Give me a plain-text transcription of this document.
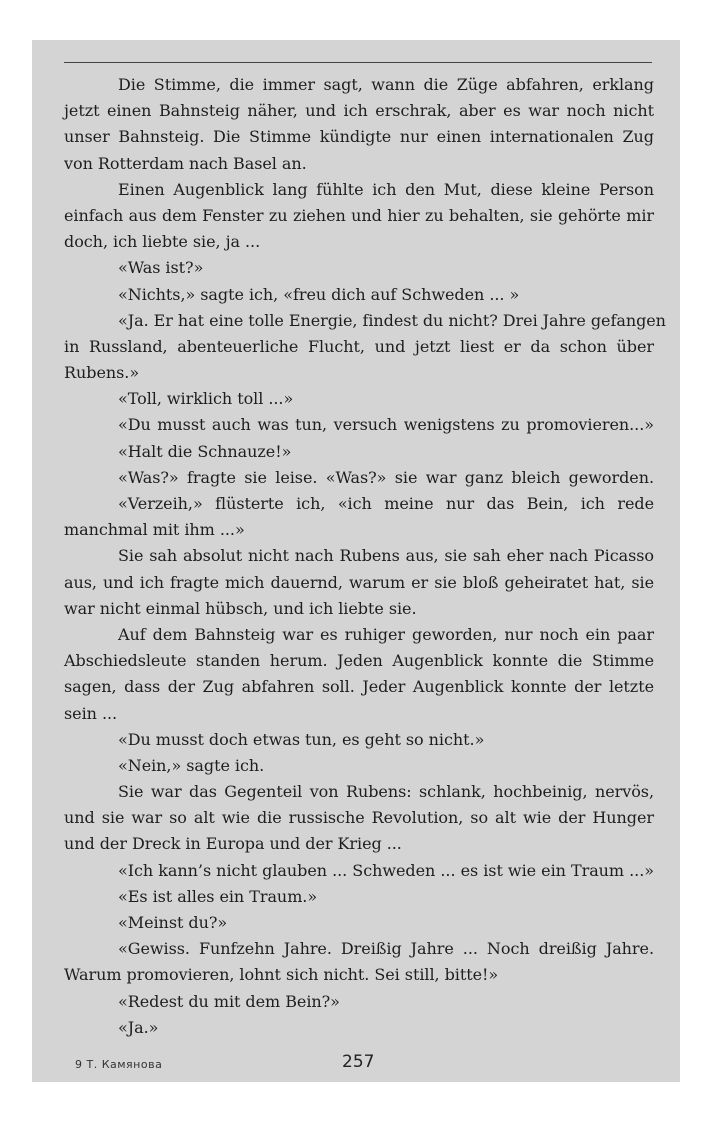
Die Stimme, die immer sagt, wann die Züge abfahren, erklang
jetzt einen Bahnsteig näher, und ich erschrak, aber es war noch nicht
unser Bahnsteig. Die Stimme kündigte nur einen internationalen Zug
von Rotterdam nach Basel an.
Einen Augenblick lang fühlte ich den Mut, diese kleine Person
einfach aus dem Fenster zu ziehen und hier zu behalten, sie gehörte mir
doch, ich liebte sie, ja ...
«Was ist?»
«Nichts,» sagte ich, «freu dich auf Schweden ... »
«Ja. Er hat eine tolle Energie, findest du nicht? Drei Jahre gefangen
in Russland, abenteuerliche Flucht, und jetzt liest er da schon über
Rubens.»
«Toll, wirklich toll ...»
«Du musst auch was tun, versuch wenigstens zu promovieren...»
«Halt die Schnauze!»
«Was?» fragte sie leise. «Was?» sie war ganz bleich geworden.
«Verzeih,» flüsterte ich, «ich meine nur das Bein, ich rede
manchmal mit ihm ...»
Sie sah absolut nicht nach Rubens aus, sie sah eher nach Picasso
aus, und ich fragte mich dauernd, warum er sie bloß geheiratet hat, sie
war nicht einmal hübsch, und ich liebte sie.
Auf dem Bahnsteig war es ruhiger geworden, nur noch ein paar
Abschiedsleute standen herum. Jeden Augenblick konnte die Stimme
sagen, dass der Zug abfahren soll. Jeder Augenblick konnte der letzte
sein ...
«Du musst doch etwas tun, es geht so nicht.»
«Nein,» sagte ich.
Sie war das Gegenteil von Rubens: schlank, hochbeinig, nervös,
und sie war so alt wie die russische Revolution, so alt wie der Hunger
und der Dreck in Europa und der Krieg ...
«Ich kann’s nicht glauben ... Schweden ... es ist wie ein Traum ...»
«Es ist alles ein Traum.»
«Meinst du?»
«Gewiss. Funfzehn Jahre. Dreißig Jahre ... Noch dreißig Jahre.
Warum promovieren, lohnt sich nicht. Sei still, bitte!»
«Redest du mit dem Bein?»
«Ja.»
9 Т. Камянова	257
